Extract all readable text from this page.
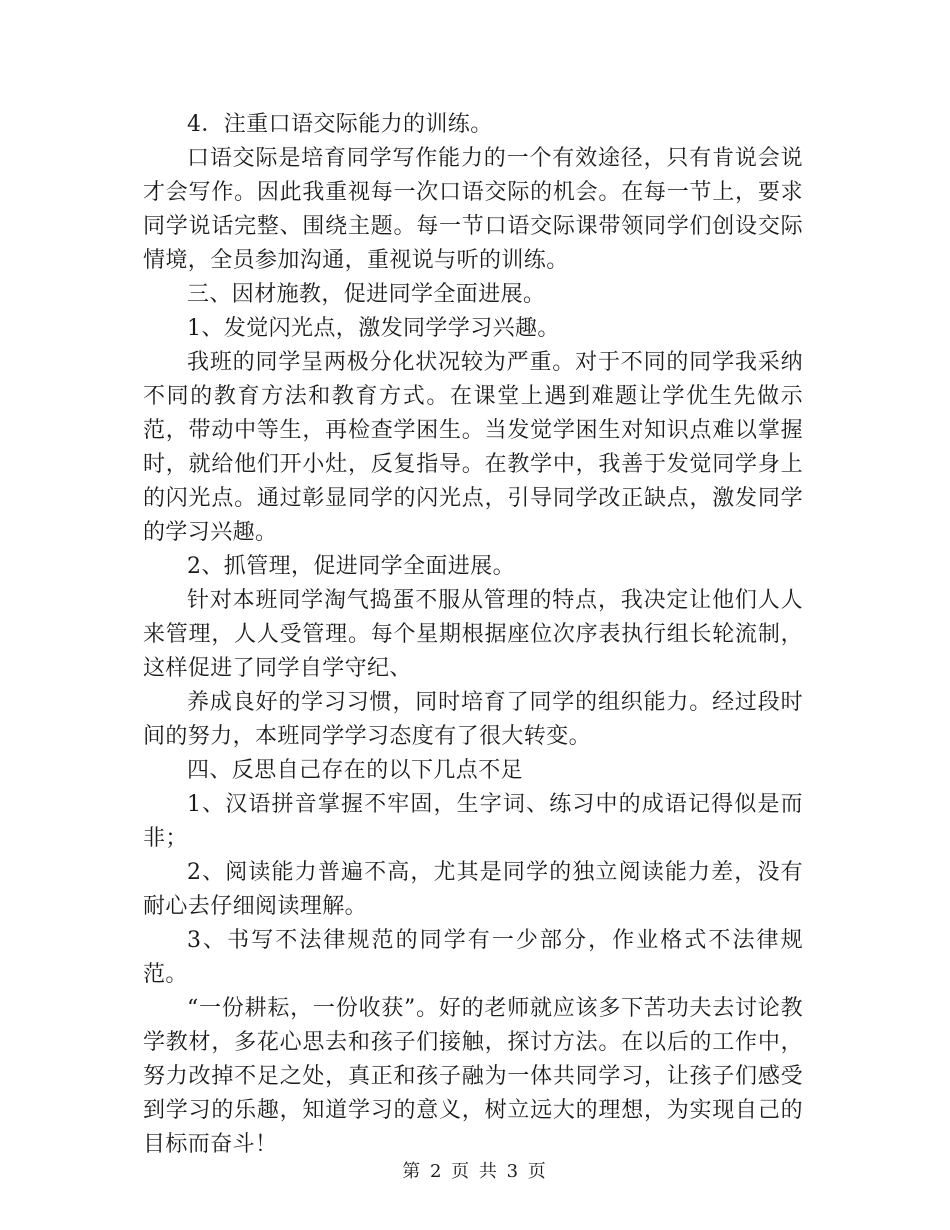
4．注重口语交际能力的训练。

口语交际是培育同学写作能力的一个有效途径，只有肯说会说才会写作。因此我重视每一次口语交际的机会。在每一节上，要求同学说话完整、围绕主题。每一节口语交际课带领同学们创设交际情境，全员参加沟通，重视说与听的训练。

三、因材施教，促进同学全面进展。

1、发觉闪光点，激发同学学习兴趣。

我班的同学呈两极分化状况较为严重。对于不同的同学我采纳不同的教育方法和教育方式。在课堂上遇到难题让学优生先做示范，带动中等生，再检查学困生。当发觉学困生对知识点难以掌握时，就给他们开小灶，反复指导。在教学中，我善于发觉同学身上的闪光点。通过彰显同学的闪光点，引导同学改正缺点，激发同学的学习兴趣。

2、抓管理，促进同学全面进展。

针对本班同学淘气捣蛋不服从管理的特点，我决定让他们人人来管理，人人受管理。每个星期根据座位次序表执行组长轮流制，这样促进了同学自学守纪、

养成良好的学习习惯，同时培育了同学的组织能力。经过段时间的努力，本班同学学习态度有了很大转变。

四、反思自己存在的以下几点不足

1、汉语拼音掌握不牢固，生字词、练习中的成语记得似是而非；

2、阅读能力普遍不高，尤其是同学的独立阅读能力差，没有耐心去仔细阅读理解。

3、书写不法律规范的同学有一少部分，作业格式不法律规范。

“一份耕耘，一份收获”。好的老师就应该多下苦功夫去讨论教学教材，多花心思去和孩子们接触，探讨方法。在以后的工作中，努力改掉不足之处，真正和孩子融为一体共同学习，让孩子们感受到学习的乐趣，知道学习的意义，树立远大的理想，为实现自己的目标而奋斗！

第 2 页 共 3 页
